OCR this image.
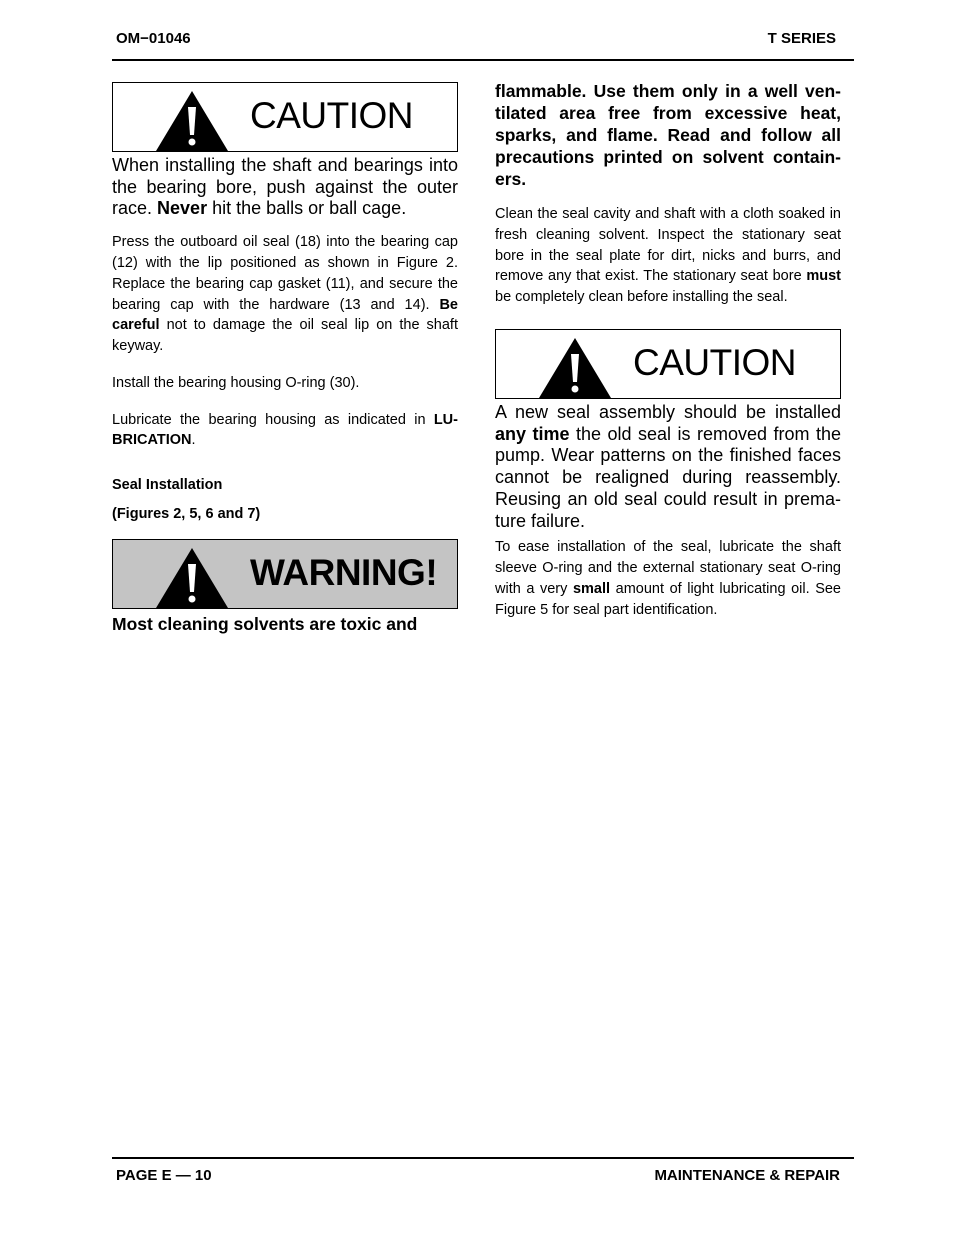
OM−01046	T SERIES
CAUTION

When installing the shaft and bearings into the bearing bore, push against the outer race. Never hit the balls or ball cage.

Press the outboard oil seal (18) into the bearing cap (12) with the lip positioned as shown in Figure 2. Replace the bearing cap gasket (11), and secure the bearing cap with the hardware (13 and 14). Be careful not to damage the oil seal lip on the shaft keyway.

Install the bearing housing O-ring (30).

Lubricate the bearing housing as indicated in LU-BRICATION.

Seal Installation

(Figures 2, 5, 6 and 7)

WARNING!

Most cleaning solvents are toxic and

flammable. Use them only in a well ven-tilated area free from excessive heat, sparks, and flame. Read and follow all precautions printed on solvent contain-ers.

Clean the seal cavity and shaft with a cloth soaked in fresh cleaning solvent. Inspect the stationary seat bore in the seal plate for dirt, nicks and burrs, and remove any that exist. The stationary seat bore must be completely clean before installing the seal.

CAUTION

A new seal assembly should be installed any time the old seal is removed from the pump. Wear patterns on the finished faces cannot be realigned during reassembly. Reusing an old seal could result in prema-ture failure.

To ease installation of the seal, lubricate the shaft sleeve O-ring and the external stationary seat O-ring with a very small amount of light lubricating oil. See Figure 5 for seal part identification.

PAGE E — 10	MAINTENANCE & REPAIR
